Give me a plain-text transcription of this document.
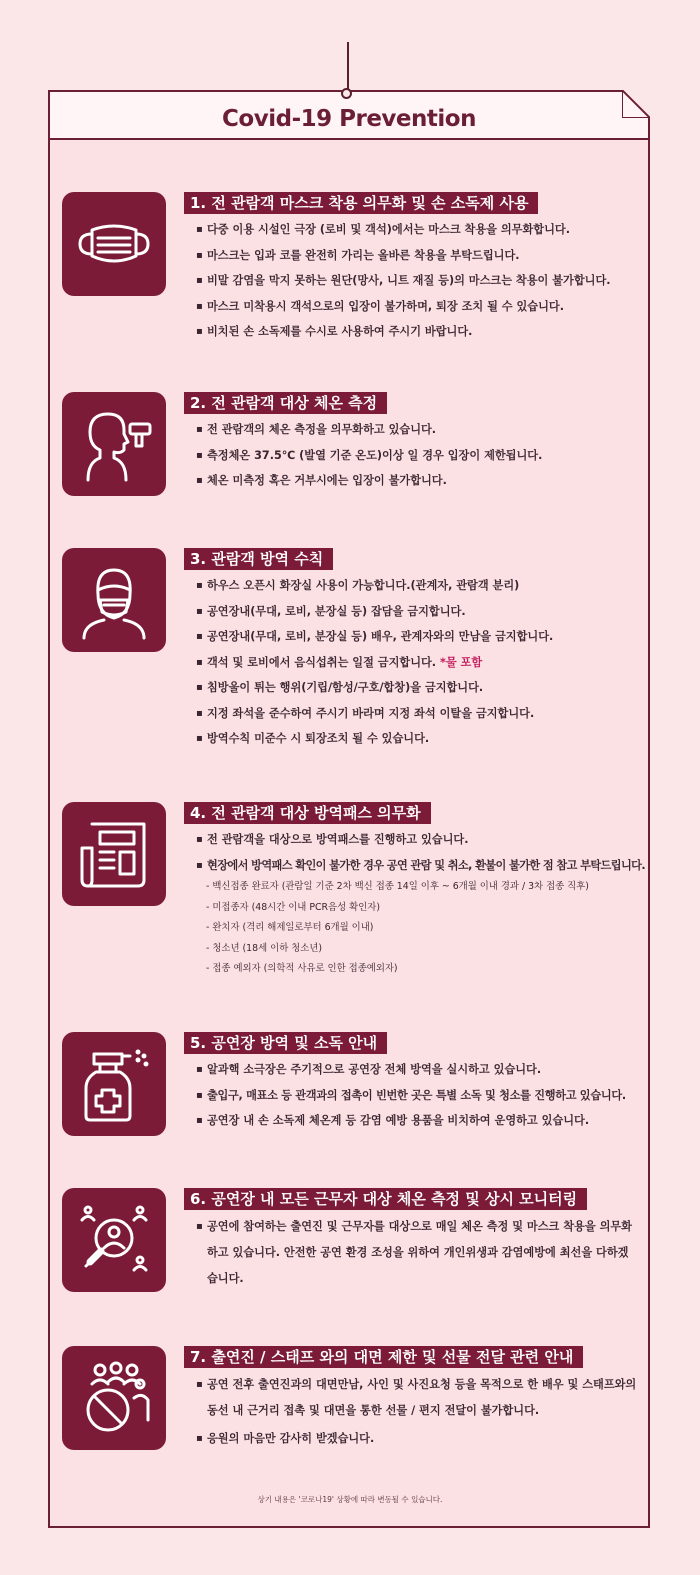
Covid-19 Prevention
1. 전 관람객 마스크 착용 의무화 및 손 소독제 사용
▪ 다중 이용 시설인 극장 (로비 및 객석)에서는 마스크 착용을 의무화합니다.
▪ 마스크는 입과 코를 완전히 가리는 올바른 착용을 부탁드립니다.
▪ 비말 감염을 막지 못하는 원단(망사, 니트 재질 등)의 마스크는 착용이 불가합니다.
▪ 마스크 미착용시 객석으로의 입장이 불가하며, 퇴장 조치 될 수 있습니다.
▪ 비치된 손 소독제를 수시로 사용하여 주시기 바랍니다.
2. 전 관람객 대상 체온 측정
▪ 전 관람객의 체온 측정을 의무화하고 있습니다.
▪ 측정체온 37.5℃ (발열 기준 온도)이상 일 경우 입장이 제한됩니다.
▪ 체온 미측정 혹은 거부시에는 입장이 불가합니다.
3. 관람객 방역 수칙
▪ 하우스 오픈시 화장실 사용이 가능합니다.(관계자, 관람객 분리)
▪ 공연장내(무대, 로비, 분장실 등) 잡담을 금지합니다.
▪ 공연장내(무대, 로비, 분장실 등) 배우, 관계자와의 만남을 금지합니다.
▪ 객석 및 로비에서 음식섭취는 일절 금지합니다. *물 포함
▪ 침방울이 튀는 행위(기립/함성/구호/합창)을 금지합니다.
▪ 지정 좌석을 준수하여 주시기 바라며 지정 좌석 이탈을 금지합니다.
▪ 방역수칙 미준수 시 퇴장조치 될 수 있습니다.
4. 전 관람객 대상 방역패스 의무화
▪ 전 관람객을 대상으로 방역패스를 진행하고 있습니다.
▪ 현장에서 방역패스 확인이 불가한 경우 공연 관람 및 취소, 환불이 불가한 점 참고 부탁드립니다.
- 백신접종 완료자 (관람일 기준 2차 백신 접종 14일 이후 ~ 6개월 이내 경과 / 3차 접종 직후)
- 미접종자 (48시간 이내 PCR음성 확인자)
- 완치자 (격리 해제일로부터 6개월 이내)
- 청소년 (18세 이하 청소년)
- 접종 예외자 (의학적 사유로 인한 접종예외자)
5. 공연장 방역 및 소독 안내
▪ 알과핵 소극장은 주기적으로 공연장 전체 방역을 실시하고 있습니다.
▪ 출입구, 매표소 등 관객과의 접촉이 빈번한 곳은 특별 소독 및 청소를 진행하고 있습니다.
▪ 공연장 내 손 소독제 체온계 등 감염 예방 용품을 비치하여 운영하고 있습니다.
6. 공연장 내 모든 근무자 대상 체온 측정 및 상시 모니터링
▪ 공연에 참여하는 출연진 및 근무자를 대상으로 매일 체온 측정 및 마스크 착용을 의무화하고 있습니다. 안전한 공연 환경 조성을 위하여 개인위생과 감염예방에 최선을 다하겠습니다.
7. 출연진 / 스태프 와의 대면 제한 및 선물 전달 관련 안내
▪ 공연 전후 출연진과의 대면만남, 사인 및 사진요청 등을 목적으로 한 배우 및 스태프와의 동선 내 근거리 접촉 및 대면을 통한 선물 / 편지 전달이 불가합니다.
▪ 응원의 마음만 감사히 받겠습니다.
상기 내용은 '코로나19' 상황에 따라 변동될 수 있습니다.
